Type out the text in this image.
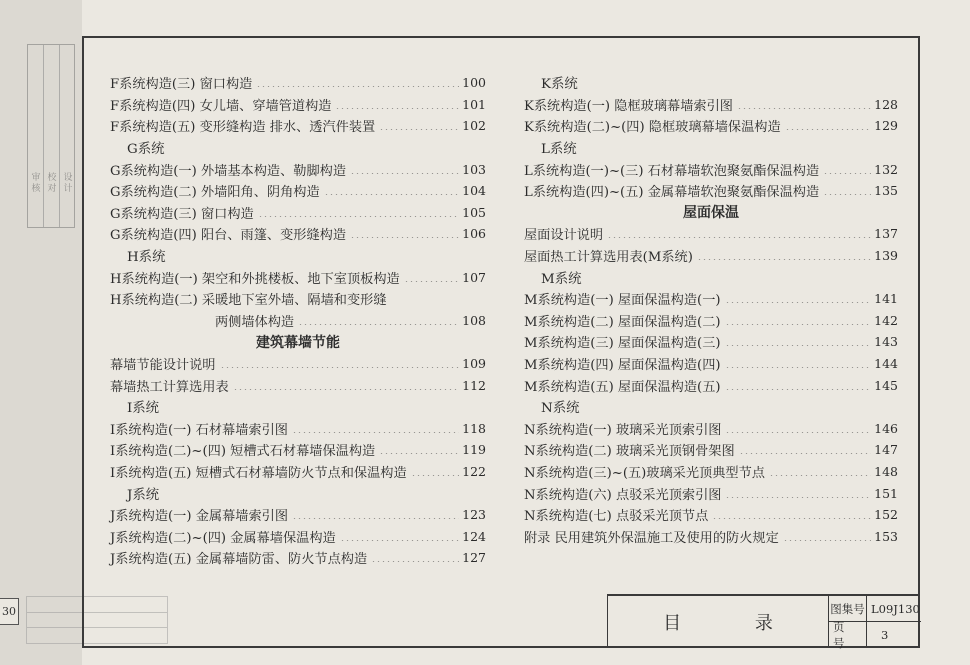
审核
校对
设计
30
F系统构造(三) 窗口构造	100
F系统构造(四) 女儿墙、穿墙管道构造	101
F系统构造(五) 变形缝构造 排水、透汽件装置	102
G系统
G系统构造(一) 外墙基本构造、勒脚构造	103
G系统构造(二) 外墙阳角、阴角构造	104
G系统构造(三) 窗口构造	105
G系统构造(四) 阳台、雨篷、变形缝构造	106
H系统
H系统构造(一) 架空和外挑楼板、地下室顶板构造	107
H系统构造(二) 采暖地下室外墙、隔墙和变形缝
两侧墙体构造	108
建筑幕墙节能
幕墙节能设计说明	109
幕墙热工计算选用表	112
I系统
I系统构造(一) 石材幕墙索引图	118
I系统构造(二)~(四) 短槽式石材幕墙保温构造	119
I系统构造(五) 短槽式石材幕墙防火节点和保温构造	122
J系统
J系统构造(一) 金属幕墙索引图	123
J系统构造(二)~(四) 金属幕墙保温构造	124
J系统构造(五) 金属幕墙防雷、防火节点构造	127
K系统
K系统构造(一) 隐框玻璃幕墙索引图	128
K系统构造(二)~(四) 隐框玻璃幕墙保温构造	129
L系统
L系统构造(一)~(三) 石材幕墙软泡聚氨酯保温构造	132
L系统构造(四)~(五) 金属幕墙软泡聚氨酯保温构造	135
屋面保温
屋面设计说明	137
屋面热工计算选用表(M系统)	139
M系统
M系统构造(一) 屋面保温构造(一)	141
M系统构造(二) 屋面保温构造(二)	142
M系统构造(三) 屋面保温构造(三)	143
M系统构造(四) 屋面保温构造(四)	144
M系统构造(五) 屋面保温构造(五)	145
N系统
N系统构造(一) 玻璃采光顶索引图	146
N系统构造(二) 玻璃采光顶钢骨架图	147
N系统构造(三)~(五)玻璃采光顶典型节点	148
N系统构造(六) 点驳采光顶索引图	151
N系统构造(七) 点驳采光顶节点	152
附录 民用建筑外保温施工及使用的防火规定	153
目 录
图集号 L09J130
页 号
3
